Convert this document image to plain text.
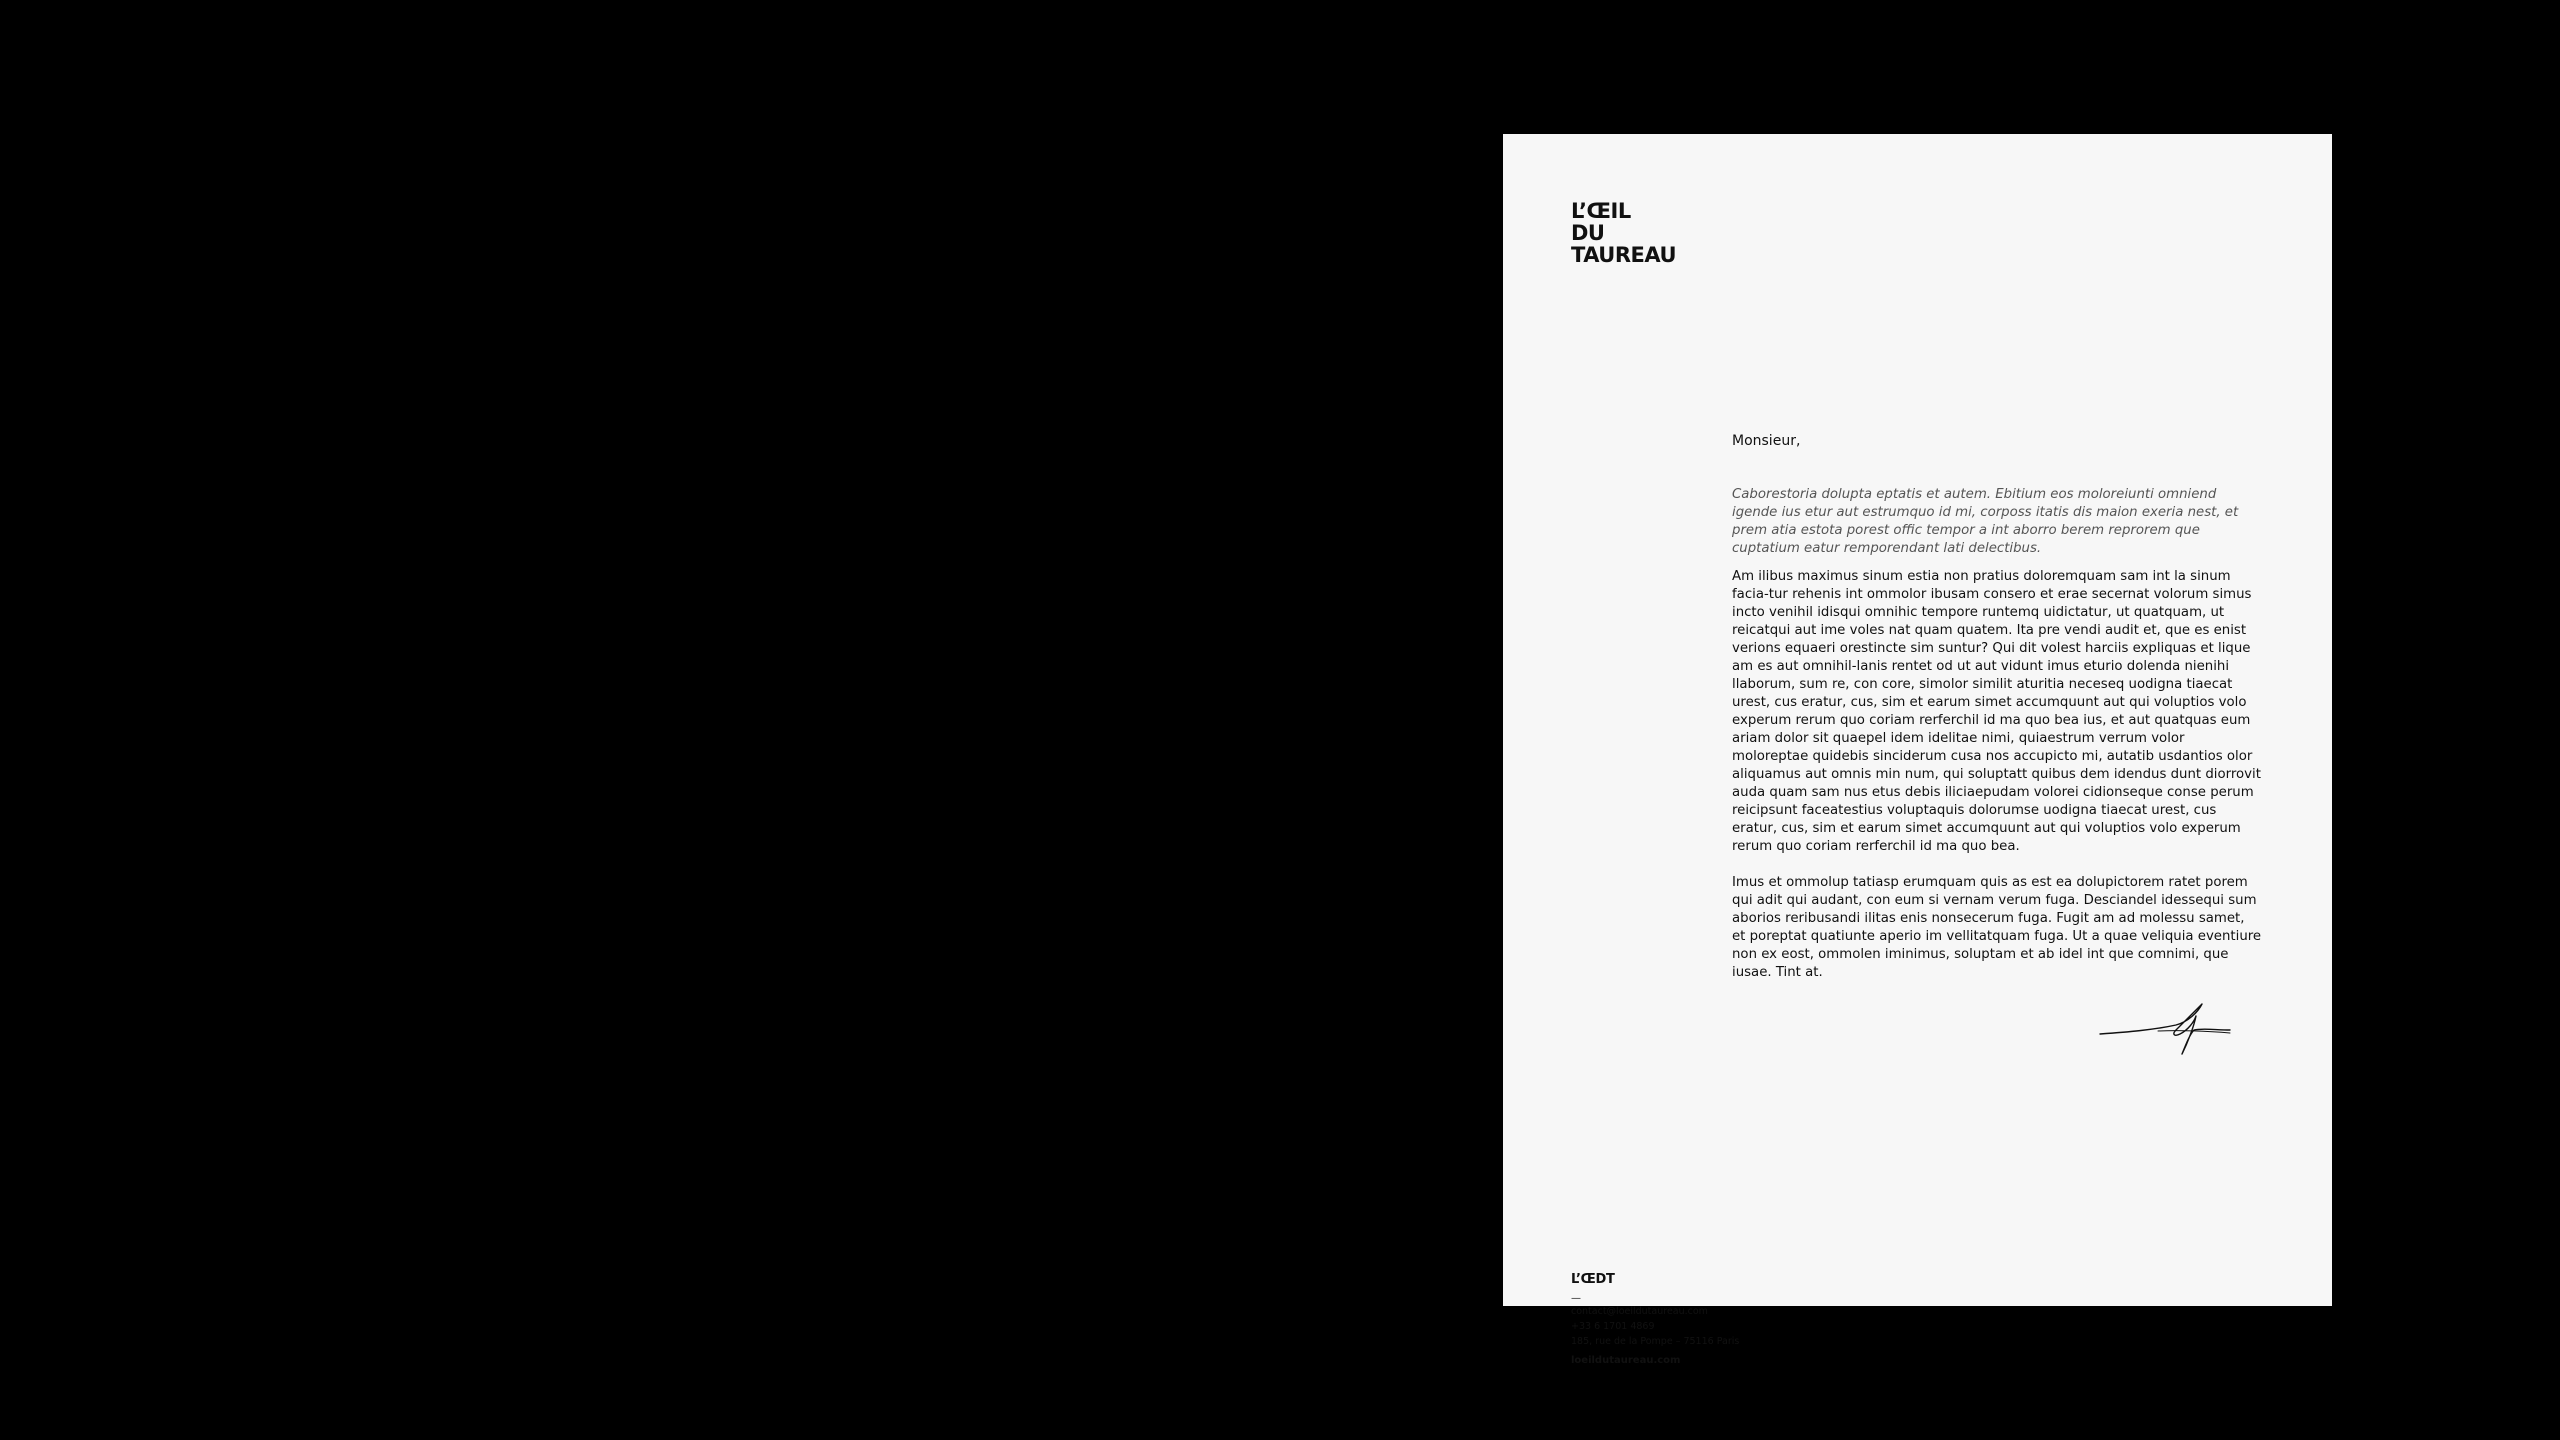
L’ŒIL
DU
TAUREAU

Monsieur,

Caborestoria dolupta eptatis et autem. Ebitium eos moloreiunti omniend igende ius etur aut estrumquo id mi, corposs itatis dis maion exeria nest, et prem atia estota porest offic tempor a int aborro berem reprorem que cuptatium eatur remporendant lati delectibus.

Am ilibus maximus sinum estia non pratius doloremquam sam int la sinum facia-tur rehenis int ommolor ibusam consero et erae secernat volorum simus incto venihil idisqui omnihic tempore runtemq uidictatur, ut quatquam, ut reicatqui aut ime voles nat quam quatem. Ita pre vendi audit et, que es enist verions equaeri orestincte sim suntur? Qui dit volest harciis expliquas et lique am es aut omnihil-lanis rentet od ut aut vidunt imus eturio dolenda nienihi llaborum, sum re, con core, simolor similit aturitia neceseq uodigna tiaecat urest, cus eratur, cus, sim et earum simet accumquunt aut qui voluptios volo experum rerum quo coriam rerferchil id ma quo bea ius, et aut quatquas eum ariam dolor sit quaepel idem idelitae nimi, quiaestrum verrum volor moloreptae quidebis sinciderum cusa nos accupicto mi, autatib usdantios olor aliquamus aut omnis min num, qui soluptatt quibus dem idendus dunt diorrovit auda quam sam nus etus debis iliciaepudam volorei cidionseque conse perum reicipsunt faceatestius voluptaquis dolorumse uodigna tiaecat urest, cus eratur, cus, sim et earum simet accumquunt aut qui voluptios volo experum rerum quo coriam rerferchil id ma quo bea.

Imus et ommolup tatiasp erumquam quis as est ea dolupictorem ratet porem qui adit qui audant, con eum si vernam verum fuga. Desciandel idessequi sum aborios reribusandi ilitas enis nonsecerum fuga. Fugit am ad molessu samet, et poreptat quatiunte aperio im vellitatquam fuga. Ut a quae veliquia eventiure non ex eost, ommolen iminimus, soluptam et ab idel int que comnimi, que iusae. Tint at.

L’ŒDT

—

contact@loeildutaureau.com

+33 6 1701 4869

185, rue de la Pompe – 75116 Paris

loeildutaureau.com
